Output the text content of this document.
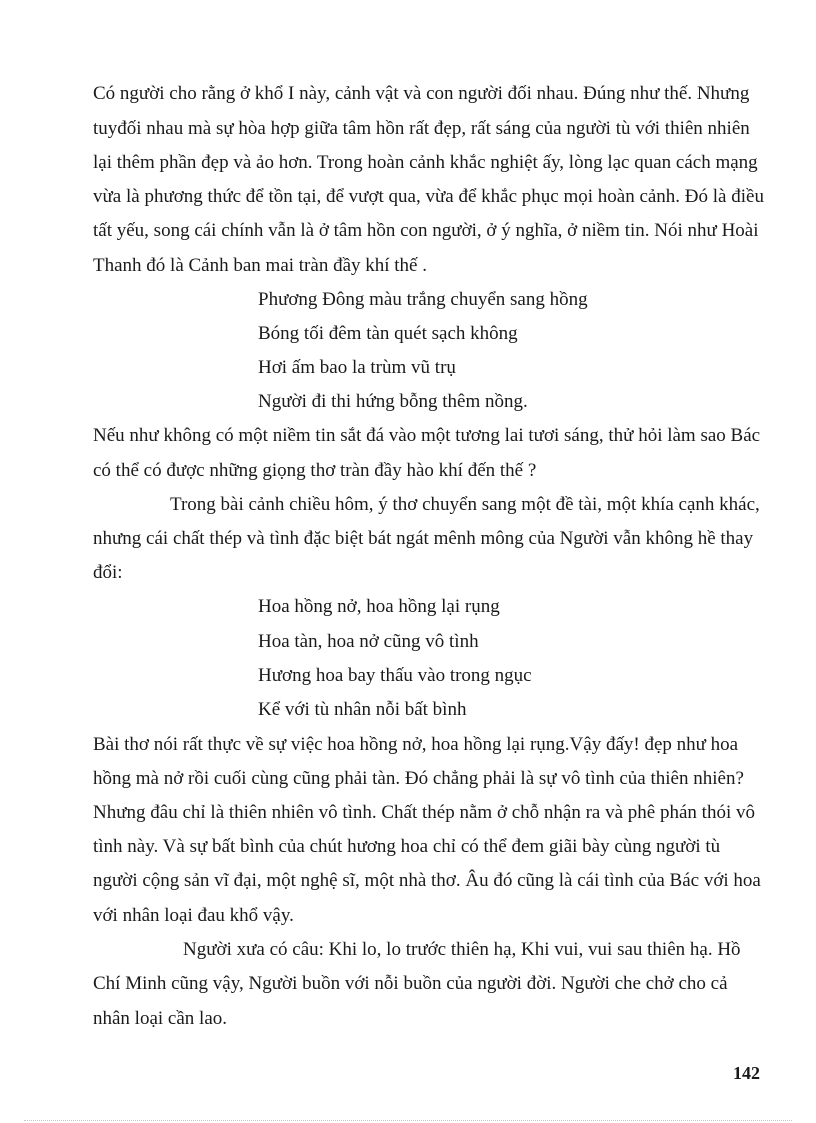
Có người cho rằng ở khổ I này, cảnh vật và con người đối nhau. Đúng như thế. Nhưng

tuyđối nhau mà sự hòa hợp giữa tâm hồn rất đẹp, rất sáng của người tù với thiên nhiên

lại thêm phần đẹp và ảo hơn. Trong hoàn cảnh khắc nghiệt ấy, lòng lạc quan cách mạng

vừa là phương thức để tồn tại, để vượt qua, vừa để khắc phục mọi hoàn cảnh. Đó là điều

tất yếu, song cái chính vẫn là ở tâm hồn con người, ở ý nghĩa, ở niềm tin. Nói như Hoài

Thanh đó là Cảnh ban mai tràn đầy khí thế .

Phương Đông màu trắng chuyển sang hồng

Bóng tối đêm tàn quét sạch không

Hơi ấm bao la trùm vũ trụ

Người đi thi hứng bỗng thêm nồng.

Nếu như không có một niềm tin sắt đá vào một tương lai tươi sáng, thử hỏi làm sao Bác

có thể có được những giọng thơ tràn đầy hào khí đến thế ?

Trong bài cảnh chiều hôm, ý thơ chuyển sang một đề tài, một khía cạnh khác,

nhưng cái chất thép và tình đặc biệt bát ngát mênh mông của Người vẫn không hề thay

đổi:

Hoa hồng nở, hoa hồng lại rụng

Hoa tàn, hoa nở cũng vô tình

Hương hoa bay thấu vào trong ngục

Kể với tù nhân nỗi bất bình

Bài thơ nói rất thực về sự việc hoa hồng nở, hoa hồng lại rụng.Vậy đấy! đẹp như hoa

hồng mà nở rồi cuối cùng cũng phải tàn. Đó chẳng phải là sự vô tình của thiên nhiên?

Nhưng đâu chỉ là thiên nhiên vô tình. Chất thép nằm ở chỗ nhận ra và phê phán thói vô

tình này. Và sự bất bình của chút hương hoa chỉ có thể đem giãi bày cùng người tù

người cộng sản vĩ đại, một nghệ sĩ, một nhà thơ. Âu đó cũng là cái tình của Bác với hoa

với nhân loại đau khổ vậy.

Người xưa có câu: Khi lo, lo trước thiên hạ, Khi vui, vui sau thiên hạ. Hồ

Chí Minh cũng vậy, Người buồn với nỗi buồn của người đời. Người che chở cho cả

nhân loại cần lao.

142
